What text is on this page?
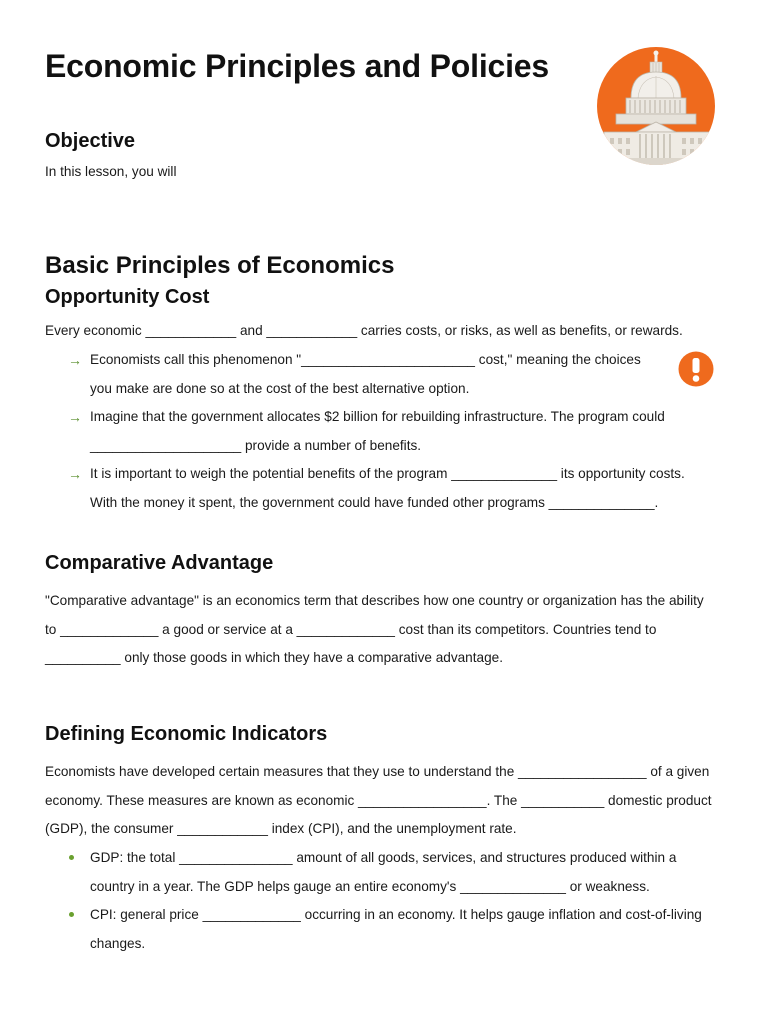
Economic Principles and Policies
Objective
In this lesson, you will
Basic Principles of Economics
Opportunity Cost
Every economic ____________ and ____________ carries costs, or risks, as well as benefits, or rewards.
→ Economists call this phenomenon "_______________________ cost," meaning the choices
you make are done so at the cost of the best alternative option.
→ Imagine that the government allocates $2 billion for rebuilding infrastructure. The program could
____________________ provide a number of benefits.
→ It is important to weigh the potential benefits of the program ______________ its opportunity costs.
With the money it spent, the government could have funded other programs ______________.
Comparative Advantage
"Comparative advantage" is an economics term that describes how one country or organization has the ability
to _____________ a good or service at a _____________ cost than its competitors. Countries tend to
__________ only those goods in which they have a comparative advantage.
Defining Economic Indicators
Economists have developed certain measures that they use to understand the _________________ of a given
economy. These measures are known as economic _________________. The ___________ domestic product
(GDP), the consumer ____________ index (CPI), and the unemployment rate.
GDP: the total _______________ amount of all goods, services, and structures produced within a
country in a year. The GDP helps gauge an entire economy's ______________ or weakness.
CPI: general price _____________ occurring in an economy. It helps gauge inflation and cost-of-living
changes.
